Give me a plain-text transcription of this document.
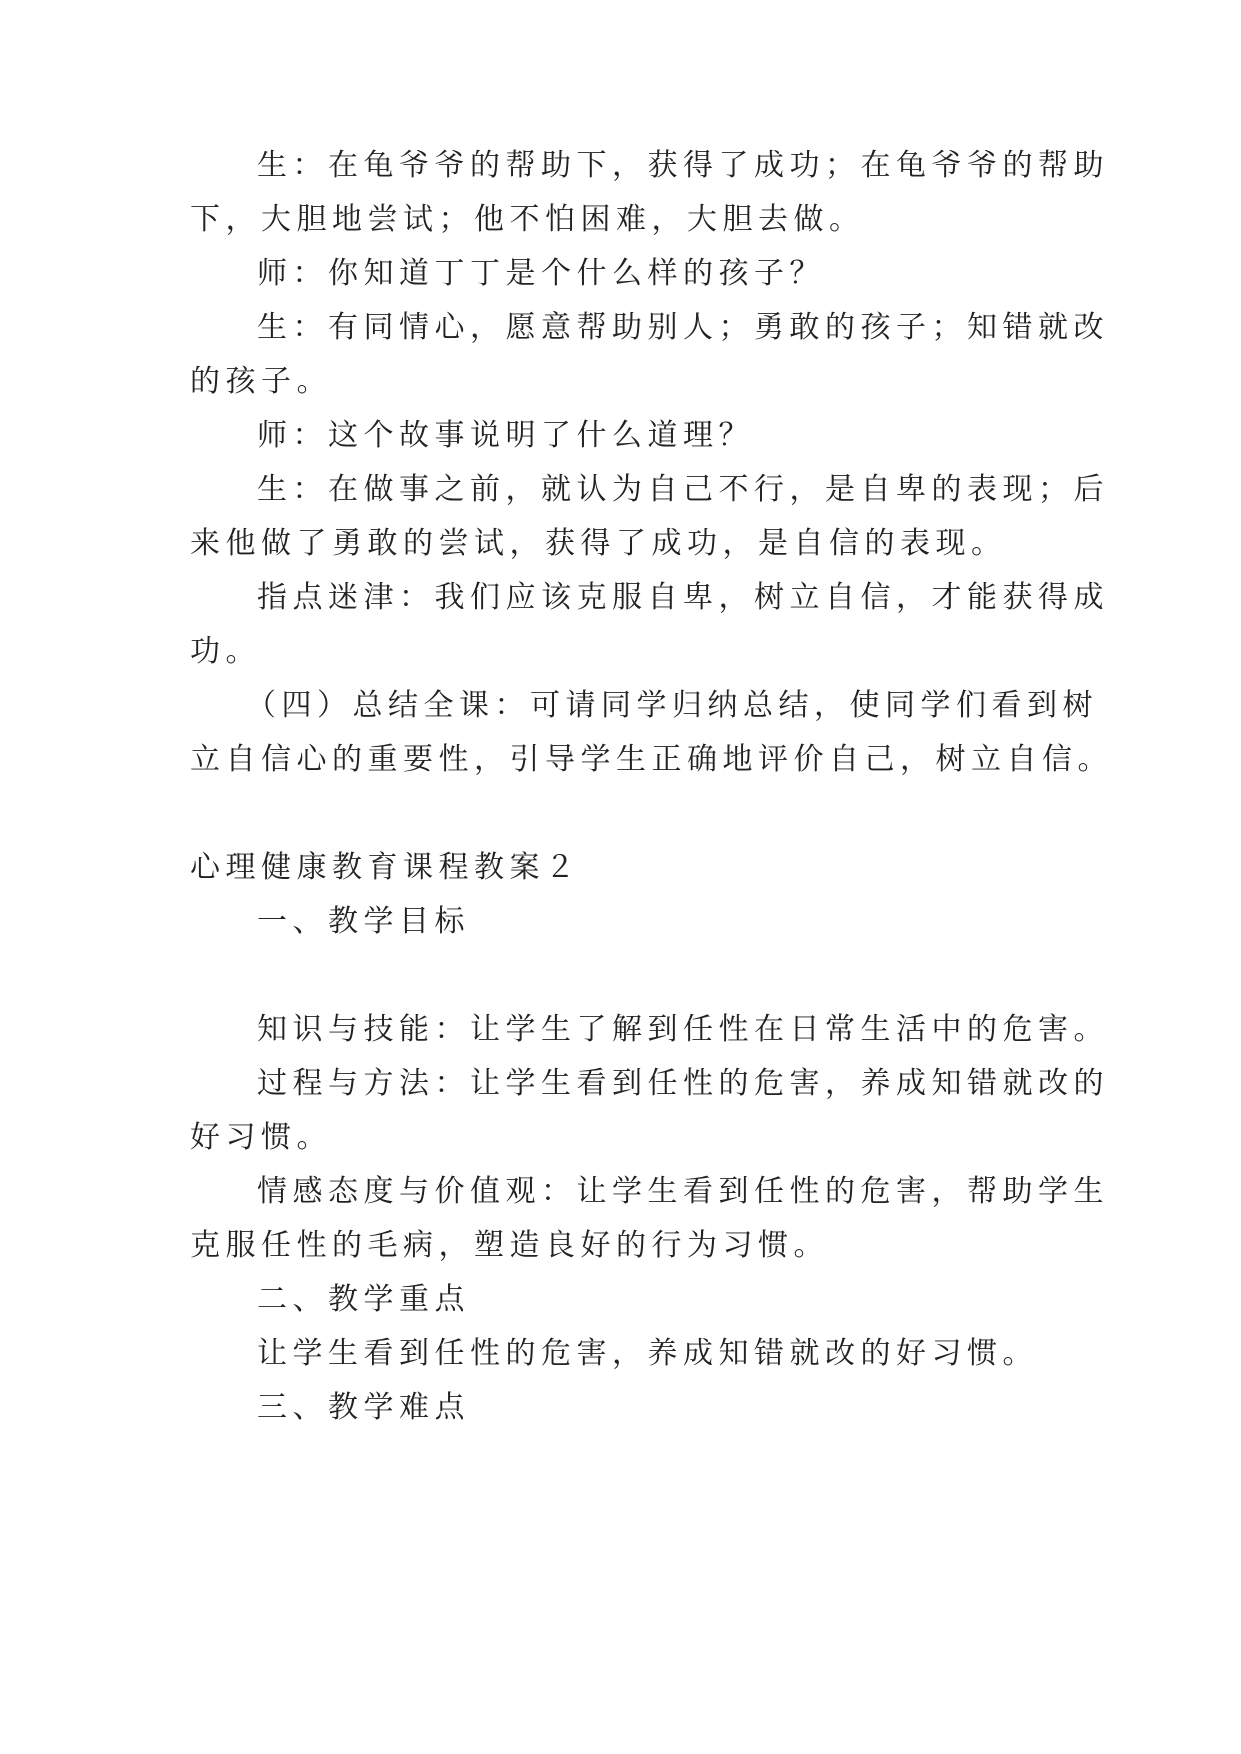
生：在龟爷爷的帮助下，获得了成功；在龟爷爷的帮助
下，大胆地尝试；他不怕困难，大胆去做。
师：你知道丁丁是个什么样的孩子？
生：有同情心，愿意帮助别人；勇敢的孩子；知错就改
的孩子。
师：这个故事说明了什么道理？
生：在做事之前，就认为自己不行，是自卑的表现；后
来他做了勇敢的尝试，获得了成功，是自信的表现。
指点迷津：我们应该克服自卑，树立自信，才能获得成
功。
（四）总结全课：可请同学归纳总结，使同学们看到树
立自信心的重要性，引导学生正确地评价自己，树立自信。
心理健康教育课程教案２
一、教学目标
知识与技能：让学生了解到任性在日常生活中的危害。
过程与方法：让学生看到任性的危害，养成知错就改的
好习惯。
情感态度与价值观：让学生看到任性的危害，帮助学生
克服任性的毛病，塑造良好的行为习惯。
二、教学重点
让学生看到任性的危害，养成知错就改的好习惯。
三、教学难点
